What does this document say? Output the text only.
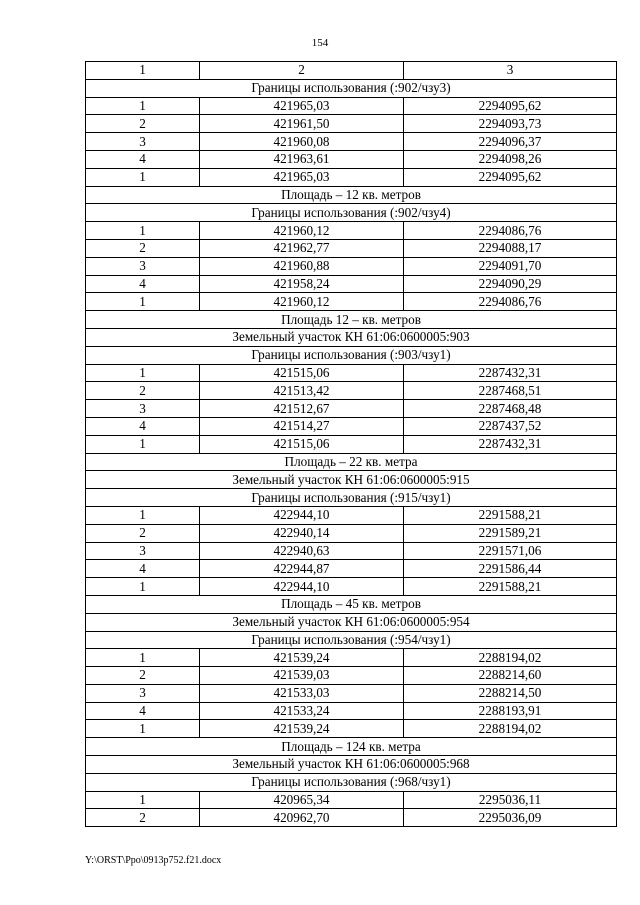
154
1	2	3
Границы использования (:902/чзу3)		
1	421965,03	2294095,62
2	421961,50	2294093,73
3	421960,08	2294096,37
4	421963,61	2294098,26
1	421965,03	2294095,62
Площадь – 12 кв. метров		
Границы использования (:902/чзу4)		
1	421960,12	2294086,76
2	421962,77	2294088,17
3	421960,88	2294091,70
4	421958,24	2294090,29
1	421960,12	2294086,76
Площадь 12 – кв. метров		
Земельный участок КН 61:06:0600005:903		
Границы использования (:903/чзу1)		
1	421515,06	2287432,31
2	421513,42	2287468,51
3	421512,67	2287468,48
4	421514,27	2287437,52
1	421515,06	2287432,31
Площадь – 22 кв. метра		
Земельный участок КН 61:06:0600005:915		
Границы использования (:915/чзу1)		
1	422944,10	2291588,21
2	422940,14	2291589,21
3	422940,63	2291571,06
4	422944,87	2291586,44
1	422944,10	2291588,21
Площадь – 45 кв. метров		
Земельный участок КН 61:06:0600005:954		
Границы использования (:954/чзу1)		
1	421539,24	2288194,02
2	421539,03	2288214,60
3	421533,03	2288214,50
4	421533,24	2288193,91
1	421539,24	2288194,02
Площадь – 124 кв. метра		
Земельный участок КН 61:06:0600005:968		
Границы использования (:968/чзу1)		
1	420965,34	2295036,11
2	420962,70	2295036,09
Y:\ORST\Ppo\0913p752.f21.docx
